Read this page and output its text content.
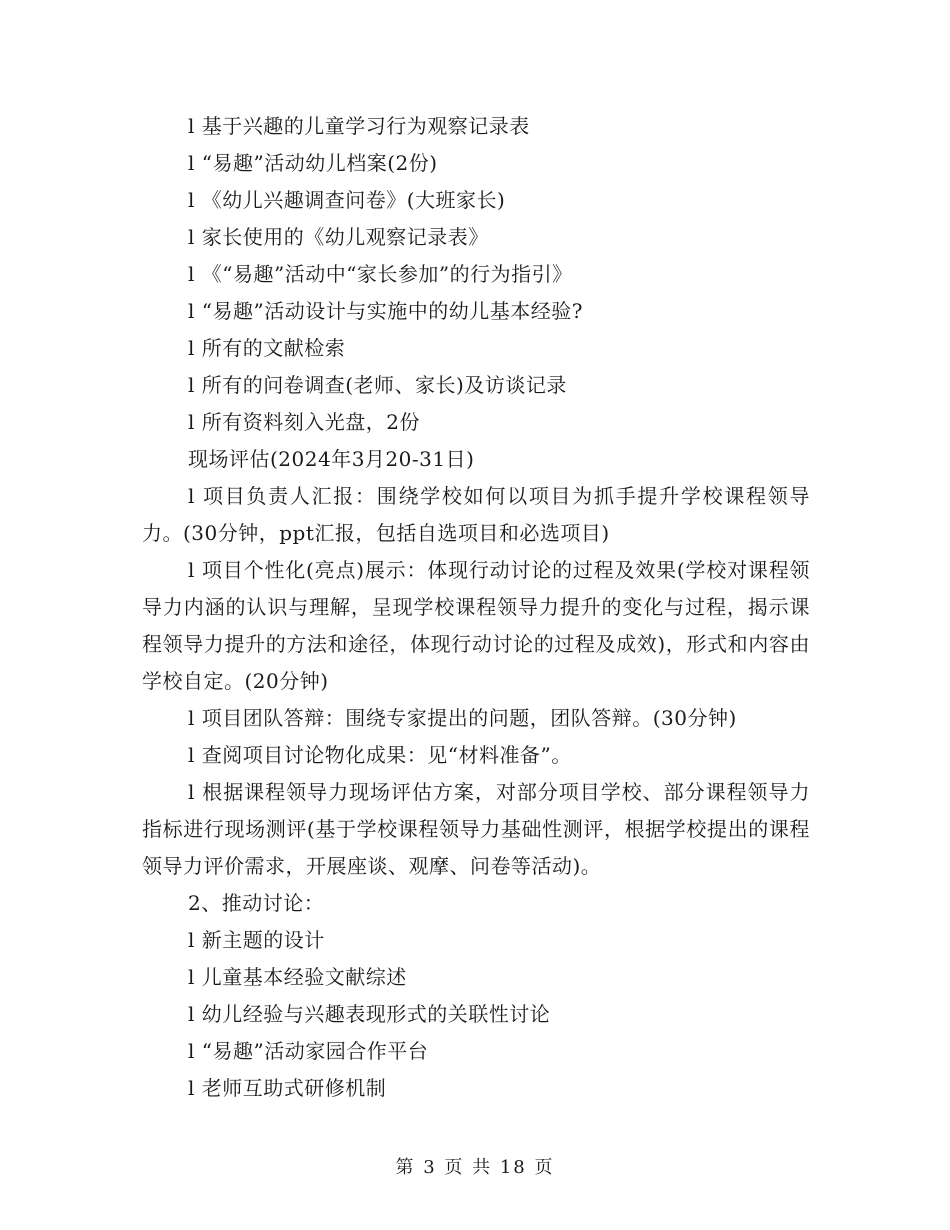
l 基于兴趣的儿童学习行为观察记录表

l “易趣”活动幼儿档案(2份)

l 《幼儿兴趣调查问卷》(大班家长)

l 家长使用的《幼儿观察记录表》

l 《“易趣”活动中“家长参加”的行为指引》

l “易趣”活动设计与实施中的幼儿基本经验?

l 所有的文献检索

l 所有的问卷调查(老师、家长)及访谈记录

l 所有资料刻入光盘，2份

现场评估(2024年3月20-31日)

l 项目负责人汇报：围绕学校如何以项目为抓手提升学校课程领导力。(30分钟，ppt汇报，包括自选项目和必选项目)

l 项目个性化(亮点)展示：体现行动讨论的过程及效果(学校对课程领导力内涵的认识与理解，呈现学校课程领导力提升的变化与过程，揭示课程领导力提升的方法和途径，体现行动讨论的过程及成效)，形式和内容由学校自定。(20分钟)

l 项目团队答辩：围绕专家提出的问题，团队答辩。(30分钟)

l 查阅项目讨论物化成果：见“材料准备”。

l 根据课程领导力现场评估方案，对部分项目学校、部分课程领导力指标进行现场测评(基于学校课程领导力基础性测评，根据学校提出的课程领导力评价需求，开展座谈、观摩、问卷等活动)。

2、推动讨论：

l 新主题的设计

l 儿童基本经验文献综述

l 幼儿经验与兴趣表现形式的关联性讨论

l “易趣”活动家园合作平台

l 老师互助式研修机制

第 3 页 共 18 页
